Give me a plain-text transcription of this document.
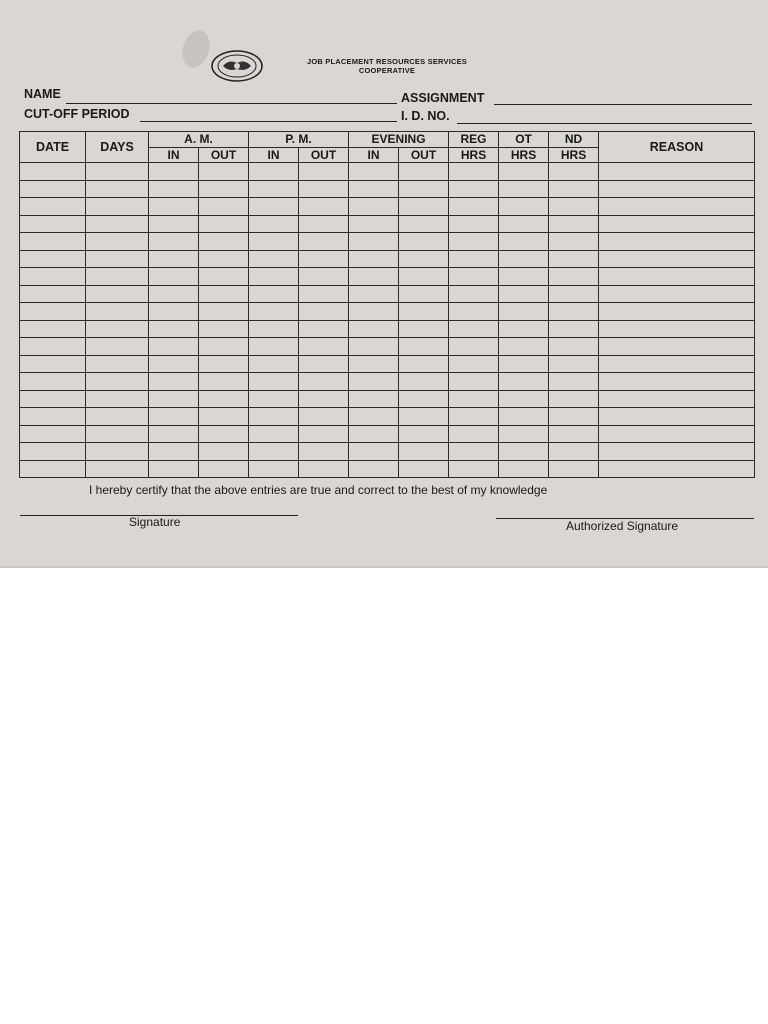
JOB PLACEMENT RESOURCES SERVICES
COOPERATIVE
NAME	ASSIGNMENT
CUT-OFF PERIOD	I. D. NO.
DATE	DAYS	A. M.		P. M.		EVENING		REG	OT	ND	REASON
		IN	OUT	IN	OUT	IN	OUT	HRS	HRS	HRS	

I hereby certify that the above entries are true and correct to the best of my knowledge
Signature	Authorized Signature
